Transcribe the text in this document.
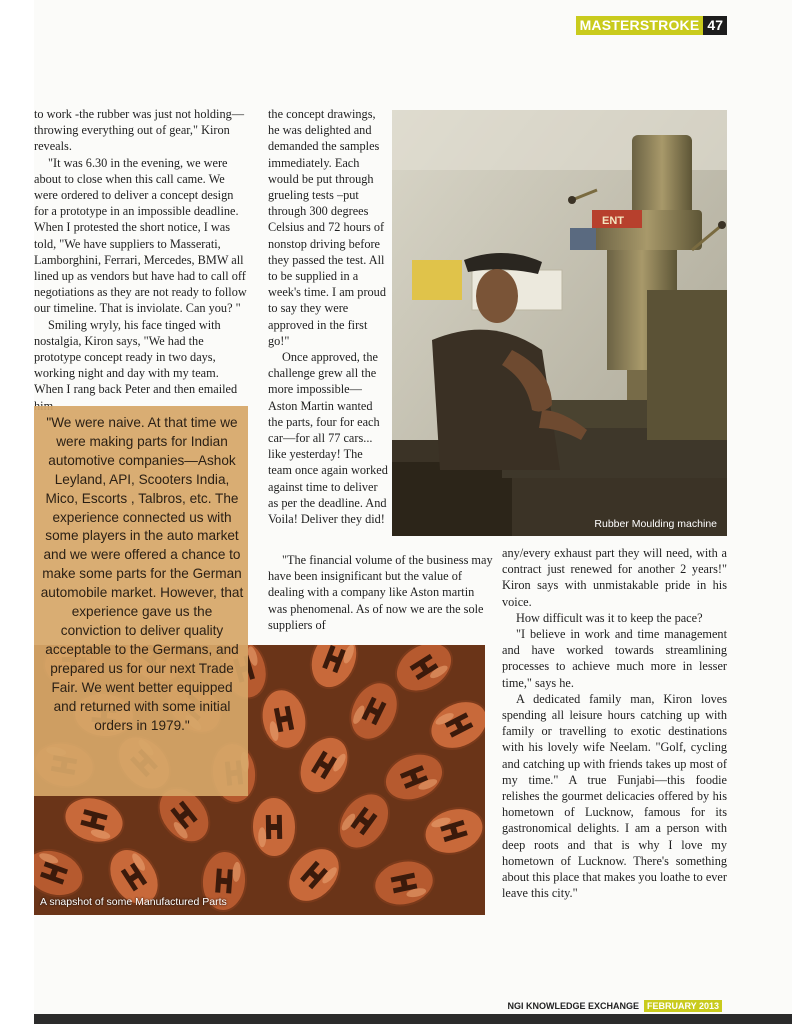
MASTERSTROKE 47

to work -the rubber was just not holding—throwing everything out of gear," Kiron reveals.

"It was 6.30 in the evening, we were about to close when this call came. We were ordered to deliver a concept design for a prototype in an impossible deadline. When I protested the short notice, I was told, "We have suppliers to Masserati, Lamborghini, Ferrari, Mercedes, BMW all lined up as vendors but have had to call off negotiations as they are not ready to follow our timeline. That is inviolate. Can you? "

Smiling wryly, his face tinged with nostalgia, Kiron says, "We had the prototype concept ready in two days, working night and day with my team. When I rang back Peter and then emailed

the concept drawings, he was delighted and demanded the samples immediately. Each would be put through grueling tests –put through 300 degrees Celsius and 72 hours of nonstop driving before they passed the test. All to be supplied in a week's time. I am proud to say they were approved in the first go!"

Once approved, the challenge grew all the more impossible—Aston Martin wanted the parts, four for each car—for all 77 cars... like yesterday! The team once again worked against time to deliver as per the deadline. And Voila! Deliver they did!

"The financial volume of the business may have been insignificant but the value of dealing with a company like Aston martin was phenomenal. As of now we are the sole suppliers of

ENT
Rubber Moulding machine
A snapshot of some Manufactured Parts

"We were naive. At that time we were making parts for Indian automotive companies—Ashok Leyland, API, Scooters India, Mico, Escorts , Talbros, etc. The experience connected us with some players in the auto market and we were offered a chance to make some parts for the German automobile market. However, that experience gave us the conviction to deliver quality acceptable to the Germans, and prepared us for our next Trade Fair. We went better equipped and returned with some initial orders in 1979."

any/every exhaust part they will need, with a contract just renewed for another 2 years!" Kiron says with unmistakable pride in his voice.

How difficult was it to keep the pace?

"I believe in work and time management and have worked towards streamlining processes to achieve much more in lesser time," says he.

A dedicated family man, Kiron loves spending all leisure hours catching up with family or travelling to exotic destinations with his lovely wife Neelam. "Golf, cycling and catching up with friends takes up most of my time." A true Funjabi—this foodie relishes the gourmet delicacies offered by his hometown of Lucknow, famous for its gastronomical delights. I am a person with deep roots and that is why I love my hometown of Lucknow. There's something about this place that makes you loathe to ever leave this city."

NGI KNOWLEDGE EXCHANGE FEBRUARY 2013
